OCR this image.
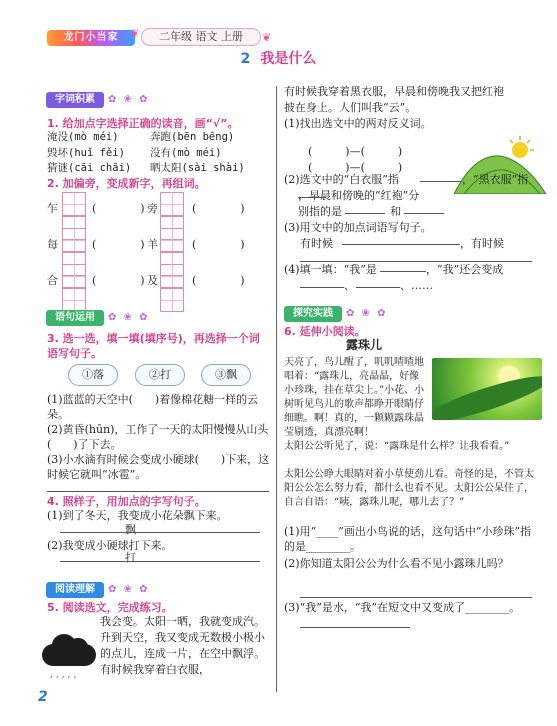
龙门小当家	二年级 语文 上册
❦	❦
2 我是什么
字词积累	✿ ❀ ✿
1. 给加点字选择正确的读音，画“√”。
淹没(mò méi)	奔跑(bēn bēng)
毁坏(huǐ fěi) 没有(mò méi)
猜谜(cāi chāi) 晒太阳(sài shài)
2. 加偏旁，变成新字，再组词。
乍	(　　　　) 旁	(　　　　)
每	(　　　　) 羊	(　　　　)
合	(　　　　) 及	(　　　　)
语句运用	✿ ❀ ✿
3. 选一选，填一填(填序号)，再选择一个词语写句子。
①落	②打	③飘
(1)蓝蓝的天空中(　　)着像棉花糖一样的云朵。
(2)黄昏(hūn)，工作了一天的太阳慢慢从山头(　　)了下去。
(3)小水滴有时候会变成小硬球(　　)下来，这时候它就叫“冰雹”。
4. 照样子，用加点的字写句子。
(1)到了冬天，我变成小花朵飘下来。
飘
(2)我变成小硬球打下来。
打
阅读理解	✿ ❀ ✿
5. 阅读选文，完成练习。
我会变。太阳一晒，我就变成汽。升到天空，我又变成无数极小极小的点儿，连成一片，在空中飘浮。有时候我穿着白衣服，
,,,,,
2
有时候我穿着黑衣服，早晨和傍晚我又把红袍披在身上。人们叫我“云”。
(1)找出选文中的两对反义词。
(　　　)—(　　　)
(　　　)—(　　　)
(2)选文中的“白衣服”指	，“黑衣服”指
，早晨和傍晚的“红袍”分
别指的是	和
(3)用文中的加点词语写句子。
有时候	，有时候
(4)填一填：“我”是	，“我”还会变成
、	、……
探究实践	✿ ❀ ✿
6. 延伸小阅读。
露珠儿
天亮了，鸟儿醒了，叽叽喳喳地唱着：“露珠儿，亮晶晶，好像小珍珠，挂在草尖上。”小花、小树听见鸟儿的歌声都睁开眼睛仔细瞧。啊！真的，一颗颗露珠晶莹剔透，真漂亮啊！
太阳公公听见了，说：“露珠是什么样？让我看看。”
太阳公公睁大眼睛对着小草使劲儿看。奇怪的是，不管太阳公公怎么努力看，都什么也看不见。太阳公公呆住了，自言自语：“咦，露珠儿呢，哪儿去了？”
(1)用“____”画出小鸟说的话，这句话中“小珍珠”指的是________。
(2)你知道太阳公公为什么看不见小露珠儿吗？
(3)“我”是水，“我”在短文中又变成了________。
